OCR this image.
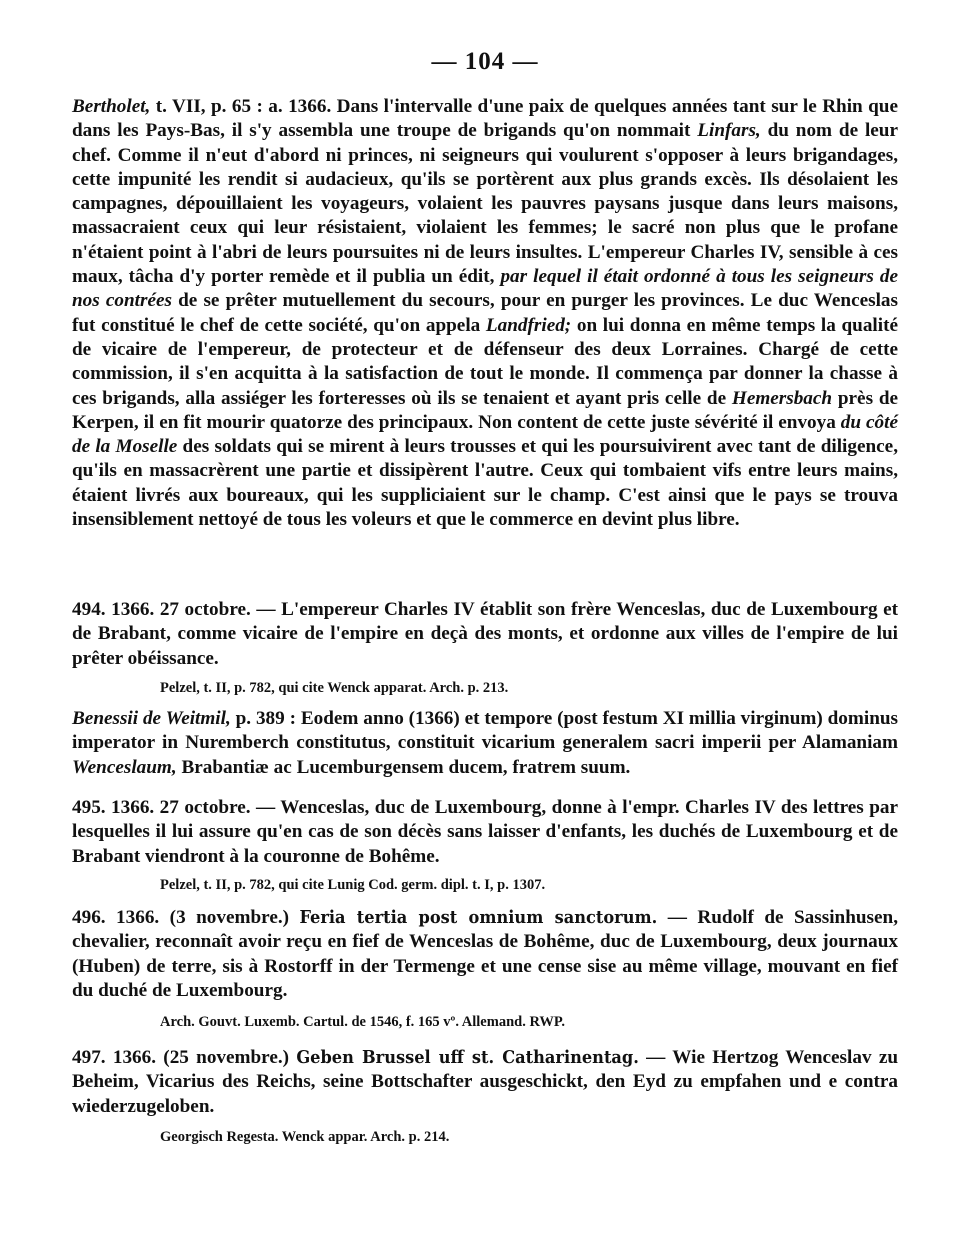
— 104 —
Bertholet, t. VII, p. 65 : a. 1366. Dans l'intervalle d'une paix de quelques années tant sur le Rhin que dans les Pays-Bas, il s'y assembla une troupe de brigands qu'on nommait Linfars, du nom de leur chef. Comme il n'eut d'abord ni princes, ni seigneurs qui voulurent s'opposer à leurs brigandages, cette impunité les rendit si audacieux, qu'ils se portèrent aux plus grands excès. Ils désolaient les campagnes, dépouillaient les voyageurs, volaient les pauvres paysans jusque dans leurs maisons, massacraient ceux qui leur résistaient, violaient les femmes; le sacré non plus que le profane n'étaient point à l'abri de leurs poursuites ni de leurs insultes. L'empereur Charles IV, sensible à ces maux, tâcha d'y porter remède et il publia un édit, par lequel il était ordonné à tous les seigneurs de nos contrées de se prêter mutuellement du secours, pour en purger les provinces. Le duc Wenceslas fut constitué le chef de cette société, qu'on appela Landfried; on lui donna en même temps la qualité de vicaire de l'empereur, de protecteur et de défenseur des deux Lorraines. Chargé de cette commission, il s'en acquitta à la satisfaction de tout le monde. Il commença par donner la chasse à ces brigands, alla assiéger les forteresses où ils se tenaient et ayant pris celle de Hemersbach près de Kerpen, il en fit mourir quatorze des principaux. Non content de cette juste sévérité il envoya du côté de la Moselle des soldats qui se mirent à leurs trousses et qui les poursuivirent avec tant de diligence, qu'ils en massacrèrent une partie et dissipèrent l'autre. Ceux qui tombaient vifs entre leurs mains, étaient livrés aux boureaux, qui les suppliciaient sur le champ. C'est ainsi que le pays se trouva insensiblement nettoyé de tous les voleurs et que le commerce en devint plus libre.
494. 1366. 27 octobre. — L'empereur Charles IV établit son frère Wenceslas, duc de Luxembourg et de Brabant, comme vicaire de l'empire en deçà des monts, et ordonne aux villes de l'empire de lui prêter obéissance.
Pelzel, t. II, p. 782, qui cite Wenck apparat. Arch. p. 213.
Benessii de Weitmil, p. 389 : Eodem anno (1366) et tempore (post festum XI millia virginum) dominus imperator in Nuremberch constitutus, constituit vicarium generalem sacri imperii per Alamaniam Wenceslaum, Brabantiæ ac Lucemburgensem ducem, fratrem suum.
495. 1366. 27 octobre. — Wenceslas, duc de Luxembourg, donne à l'empr. Charles IV des lettres par lesquelles il lui assure qu'en cas de son décès sans laisser d'enfants, les duchés de Luxembourg et de Brabant viendront à la couronne de Bohême.
Pelzel, t. II, p. 782, qui cite Lunig Cod. germ. dipl. t. I, p. 1307.
496. 1366. (3 novembre.) Feria tertia post omnium sanctorum. — Rudolf de Sassinhusen, chevalier, reconnaît avoir reçu en fief de Wenceslas de Bohême, duc de Luxembourg, deux journaux (Huben) de terre, sis à Rostorff in der Termenge et une cense sise au même village, mouvant en fief du duché de Luxembourg.
Arch. Gouvt. Luxemb. Cartul. de 1546, f. 165 vº. Allemand. RWP.
497. 1366. (25 novembre.) Geben Brussel uff st. Catharinentag. — Wie Hertzog Wenceslav zu Beheim, Vicarius des Reichs, seine Bottschafter ausgeschickt, den Eyd zu empfahen und e contra wiederzugeloben.
Georgisch Regesta. Wenck appar. Arch. p. 214.
